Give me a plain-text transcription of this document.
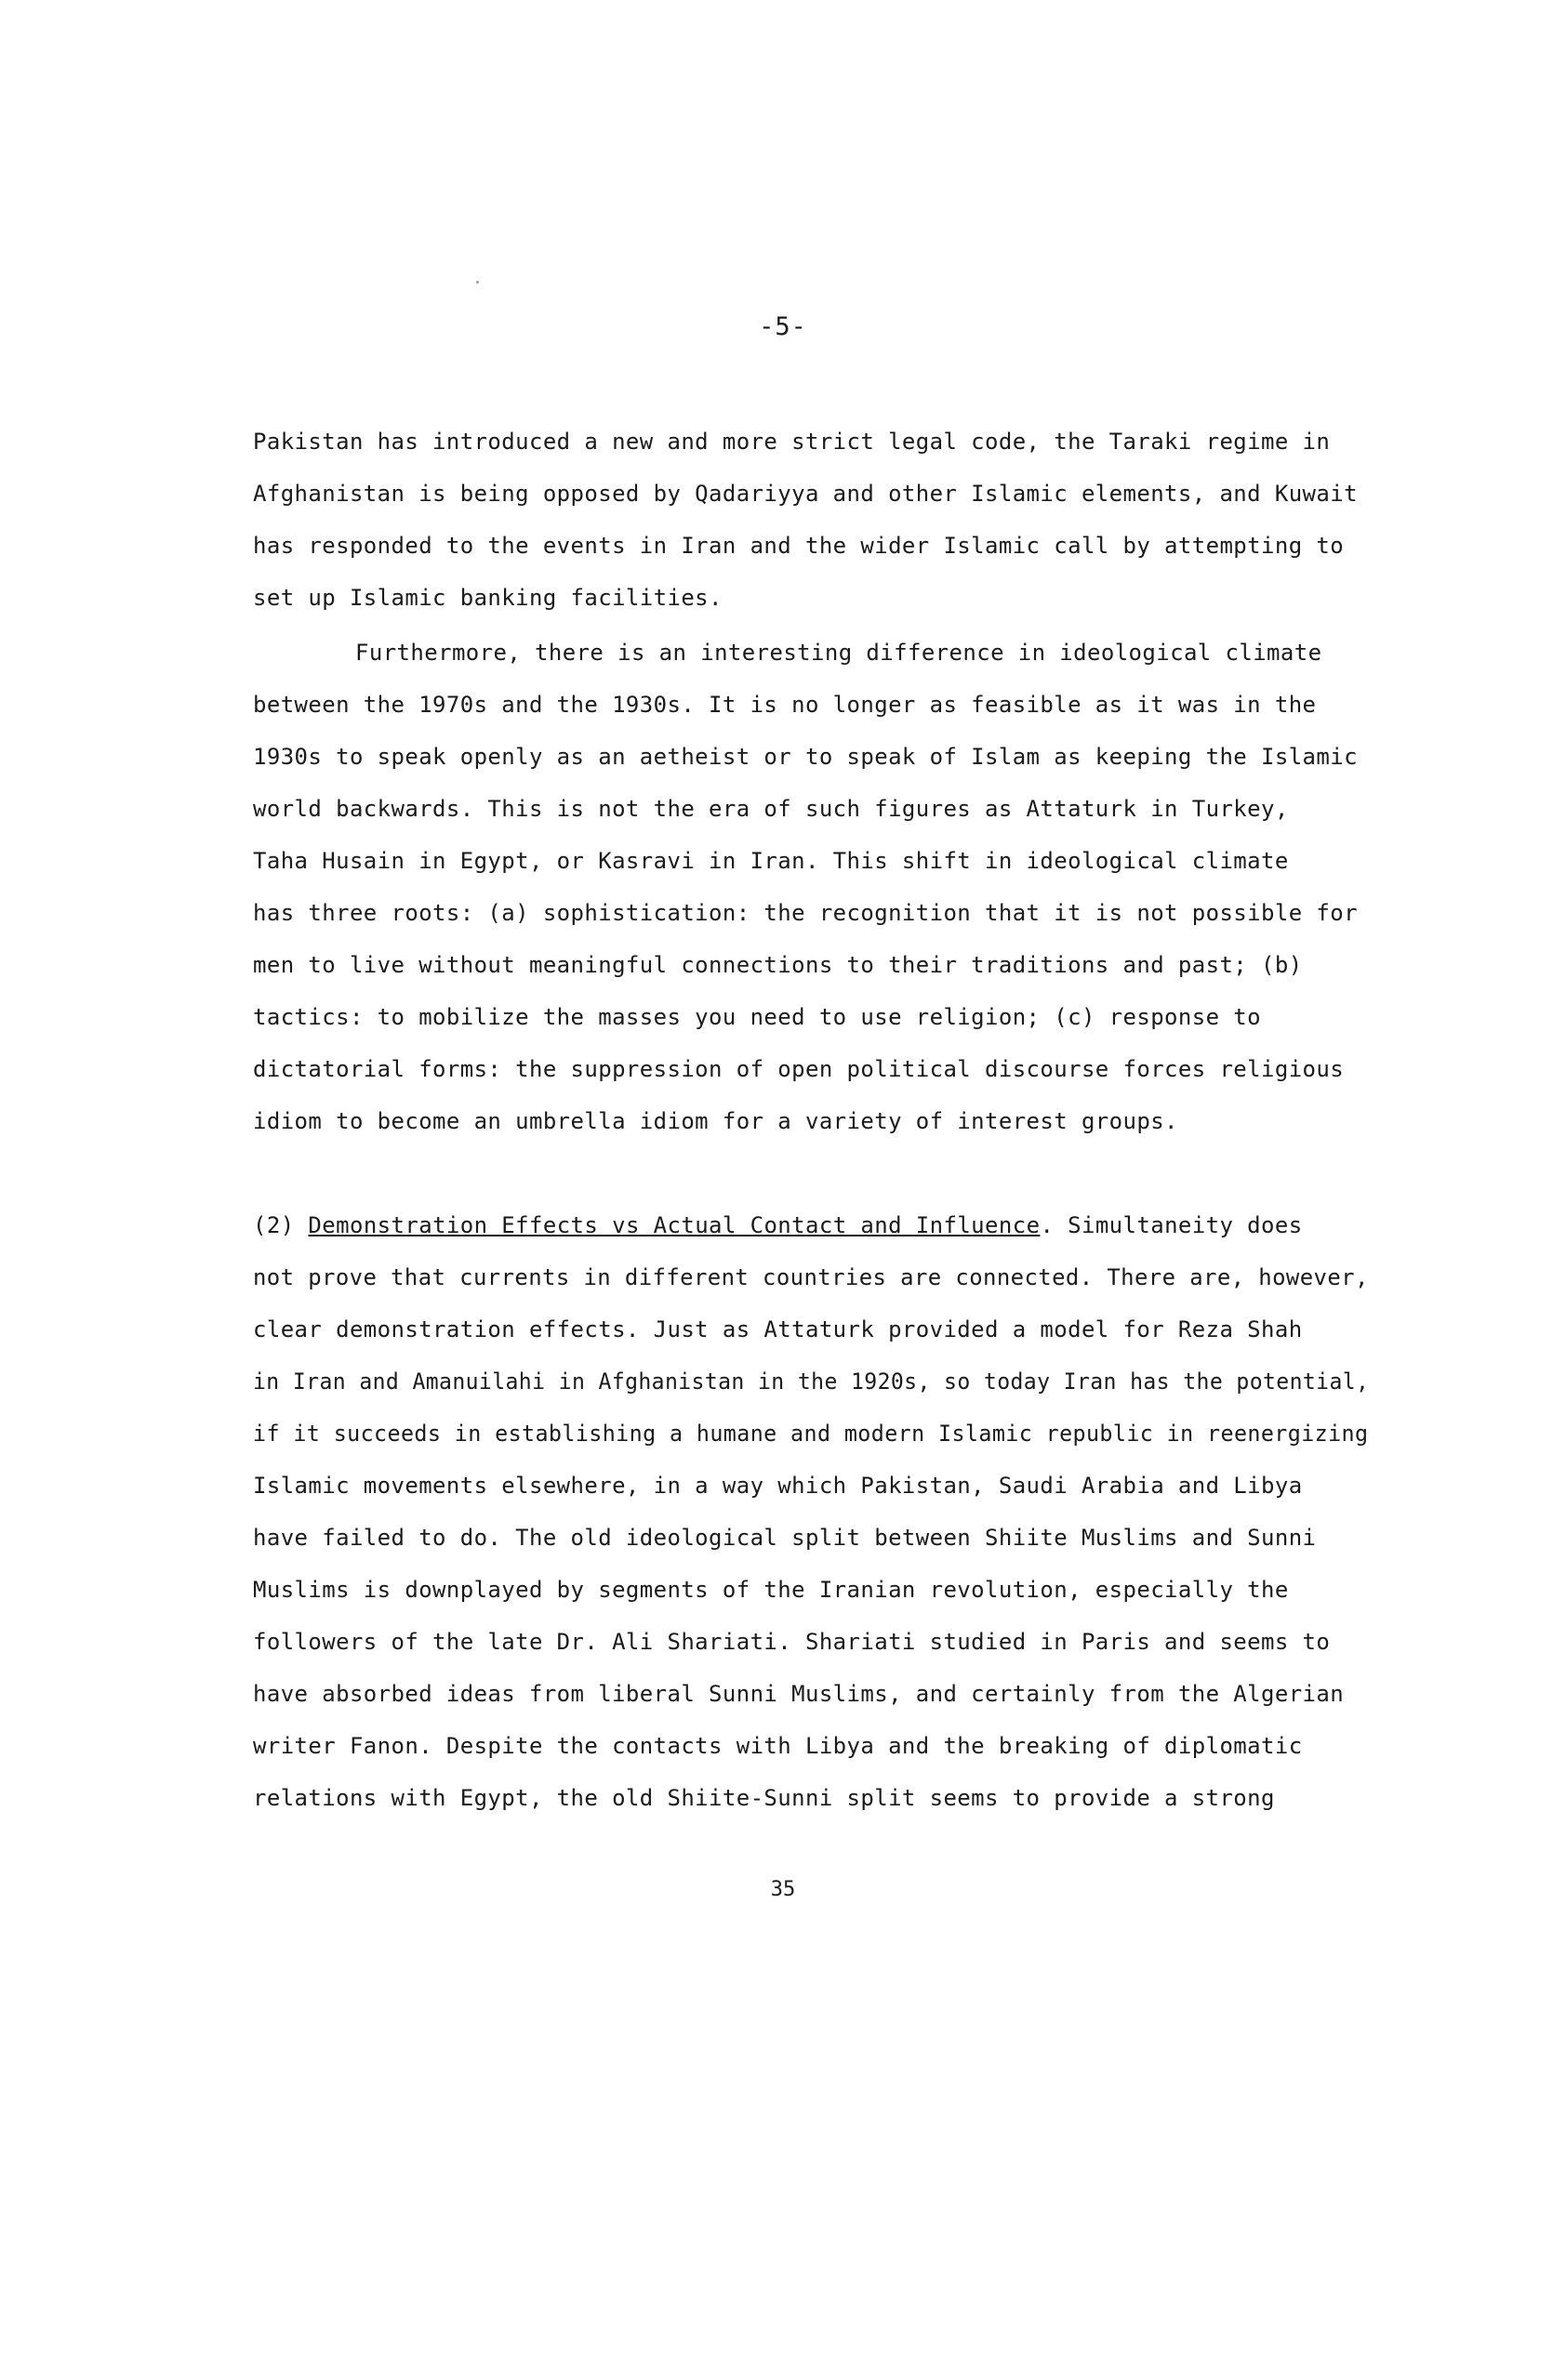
-5-
Pakistan has introduced a new and more strict legal code, the Taraki regime in
Afghanistan is being opposed by Qadariyya and other Islamic elements, and Kuwait
has responded to the events in Iran and the wider Islamic call by attempting to
set up Islamic banking facilities.
Furthermore, there is an interesting difference in ideological climate
between the 1970s and the 1930s. It is no longer as feasible as it was in the
1930s to speak openly as an aetheist or to speak of Islam as keeping the Islamic
world backwards. This is not the era of such figures as Attaturk in Turkey,
Taha Husain in Egypt, or Kasravi in Iran. This shift in ideological climate
has three roots: (a) sophistication: the recognition that it is not possible for
men to live without meaningful connections to their traditions and past; (b)
tactics: to mobilize the masses you need to use religion; (c) response to
dictatorial forms: the suppression of open political discourse forces religious
idiom to become an umbrella idiom for a variety of interest groups.
(2) Demonstration Effects vs Actual Contact and Influence. Simultaneity does
not prove that currents in different countries are connected. There are, however,
clear demonstration effects. Just as Attaturk provided a model for Reza Shah
in Iran and Amanuilahi in Afghanistan in the 1920s, so today Iran has the potential,
if it succeeds in establishing a humane and modern Islamic republic in reenergizing
Islamic movements elsewhere, in a way which Pakistan, Saudi Arabia and Libya
have failed to do. The old ideological split between Shiite Muslims and Sunni
Muslims is downplayed by segments of the Iranian revolution, especially the
followers of the late Dr. Ali Shariati. Shariati studied in Paris and seems to
have absorbed ideas from liberal Sunni Muslims, and certainly from the Algerian
writer Fanon. Despite the contacts with Libya and the breaking of diplomatic
relations with Egypt, the old Shiite-Sunni split seems to provide a strong
35
